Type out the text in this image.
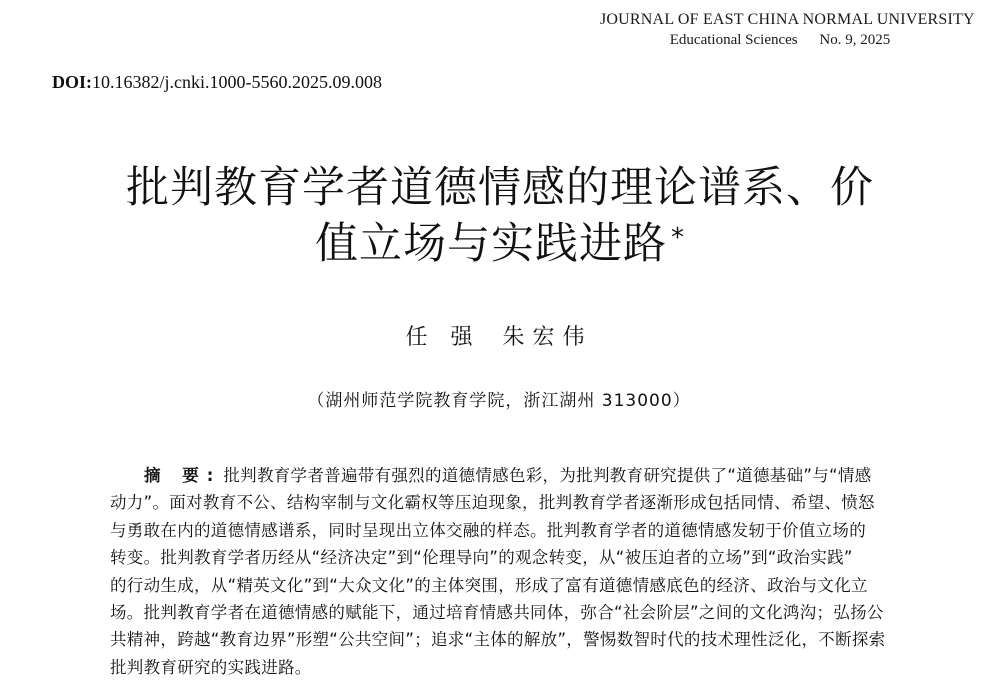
JOURNAL OF EAST CHINA NORMAL UNIVERSITY
Educational Sciences No. 9, 2025
DOI:10.16382/j.cnki.1000-5560.2025.09.008
批判教育学者道德情感的理论谱系、价
值立场与实践进路 *
任 强 朱宏伟
（湖州师范学院教育学院，浙江湖州 313000）
摘 要: 批判教育学者普遍带有强烈的道德情感色彩，为批判教育研究提供了“道德基础”与“情感
动力”。面对教育不公、结构宰制与文化霸权等压迫现象，批判教育学者逐渐形成包括同情、希望、愤怒
与勇敢在内的道德情感谱系，同时呈现出立体交融的样态。批判教育学者的道德情感发轫于价值立场的
转变。批判教育学者历经从“经济决定”到“伦理导向”的观念转变，从“被压迫者的立场”到“政治实践”
的行动生成，从“精英文化”到“大众文化”的主体突围，形成了富有道德情感底色的经济、政治与文化立
场。批判教育学者在道德情感的赋能下，通过培育情感共同体，弥合“社会阶层”之间的文化鸿沟；弘扬公
共精神，跨越“教育边界”形塑“公共空间”；追求“主体的解放”，警惕数智时代的技术理性泛化，不断探索
批判教育研究的实践进路。
